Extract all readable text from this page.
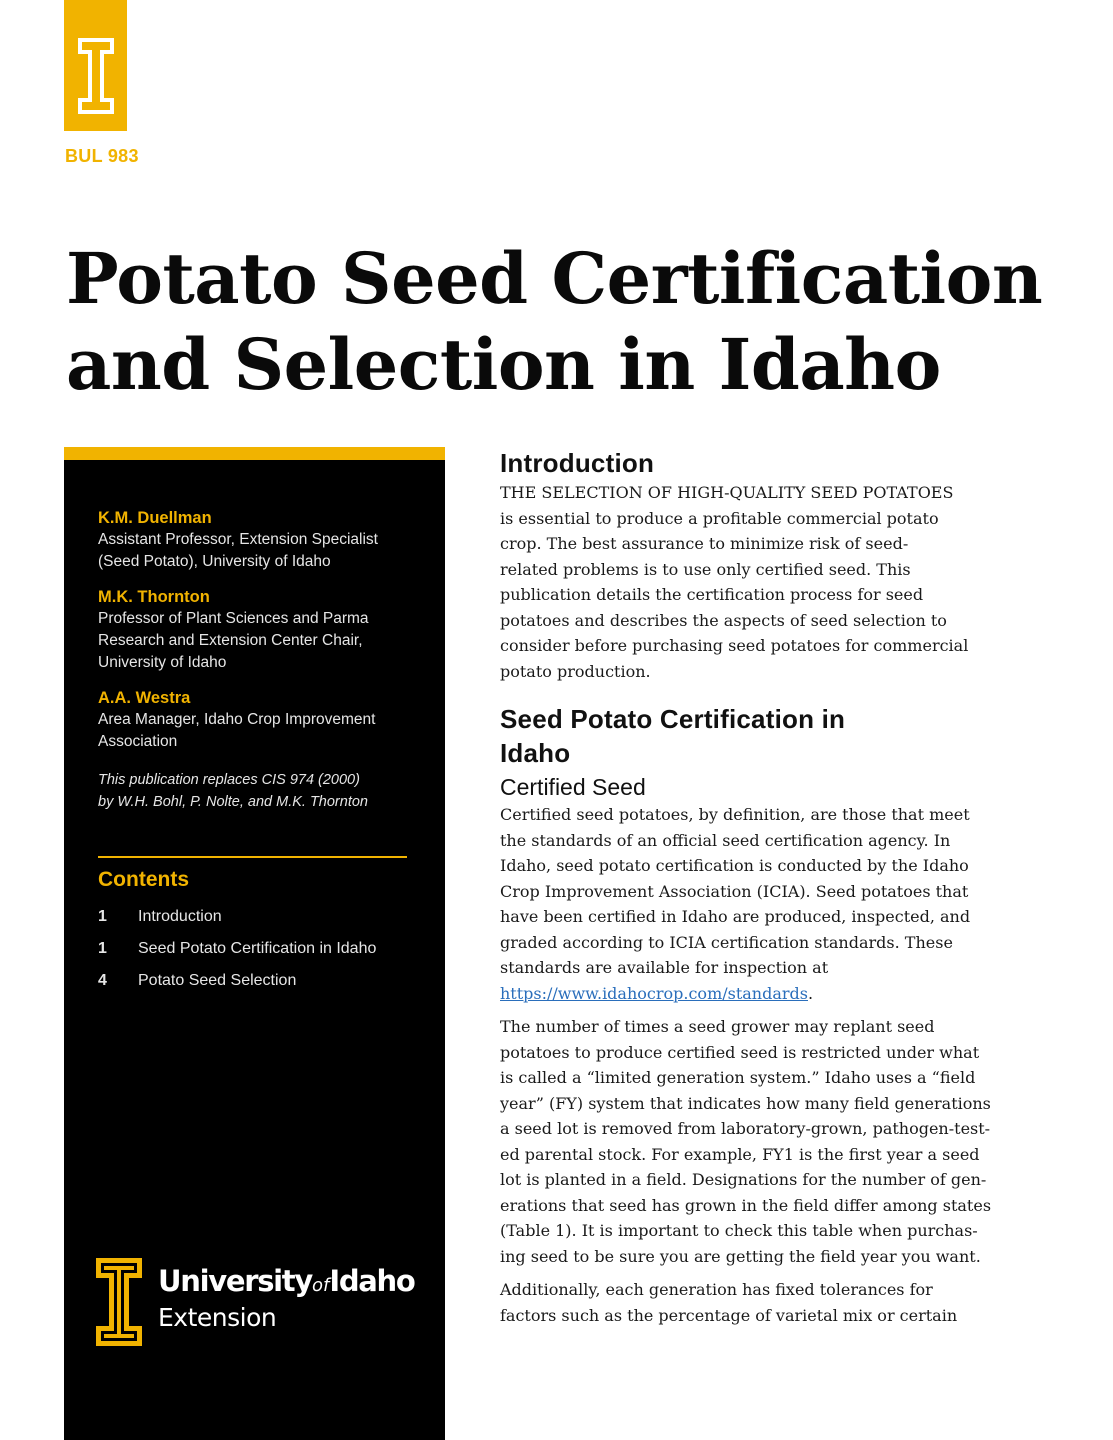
BUL 983
Potato Seed Certification
and Selection in Idaho
K.M. Duellman
Assistant Professor, Extension Specialist
(Seed Potato), University of Idaho
M.K. Thornton
Professor of Plant Sciences and Parma
Research and Extension Center Chair,
University of Idaho
A.A. Westra
Area Manager, Idaho Crop Improvement
Association
This publication replaces CIS 974 (2000)
by W.H. Bohl, P. Nolte, and M.K. Thornton
Contents
1	Introduction
1	Seed Potato Certification in Idaho
4	Potato Seed Selection
UniversityofIdaho
Extension
Introduction
THE SELECTION OF HIGH-QUALITY SEED POTATOES
is essential to produce a profitable commercial potato
crop. The best assurance to minimize risk of seed-
related problems is to use only certified seed. This
publication details the certification process for seed
potatoes and describes the aspects of seed selection to
consider before purchasing seed potatoes for commercial
potato production.
Seed Potato Certification in
Idaho
Certified Seed
Certified seed potatoes, by definition, are those that meet
the standards of an official seed certification agency. In
Idaho, seed potato certification is conducted by the Idaho
Crop Improvement Association (ICIA). Seed potatoes that
have been certified in Idaho are produced, inspected, and
graded according to ICIA certification standards. These
standards are available for inspection at
https://www.idahocrop.com/standards.
The number of times a seed grower may replant seed
potatoes to produce certified seed is restricted under what
is called a “limited generation system.” Idaho uses a “field
year” (FY) system that indicates how many field generations
a seed lot is removed from laboratory-grown, pathogen-test-
ed parental stock. For example, FY1 is the first year a seed
lot is planted in a field. Designations for the number of gen-
erations that seed has grown in the field differ among states
(Table 1). It is important to check this table when purchas-
ing seed to be sure you are getting the field year you want.
Additionally, each generation has fixed tolerances for
factors such as the percentage of varietal mix or certain
